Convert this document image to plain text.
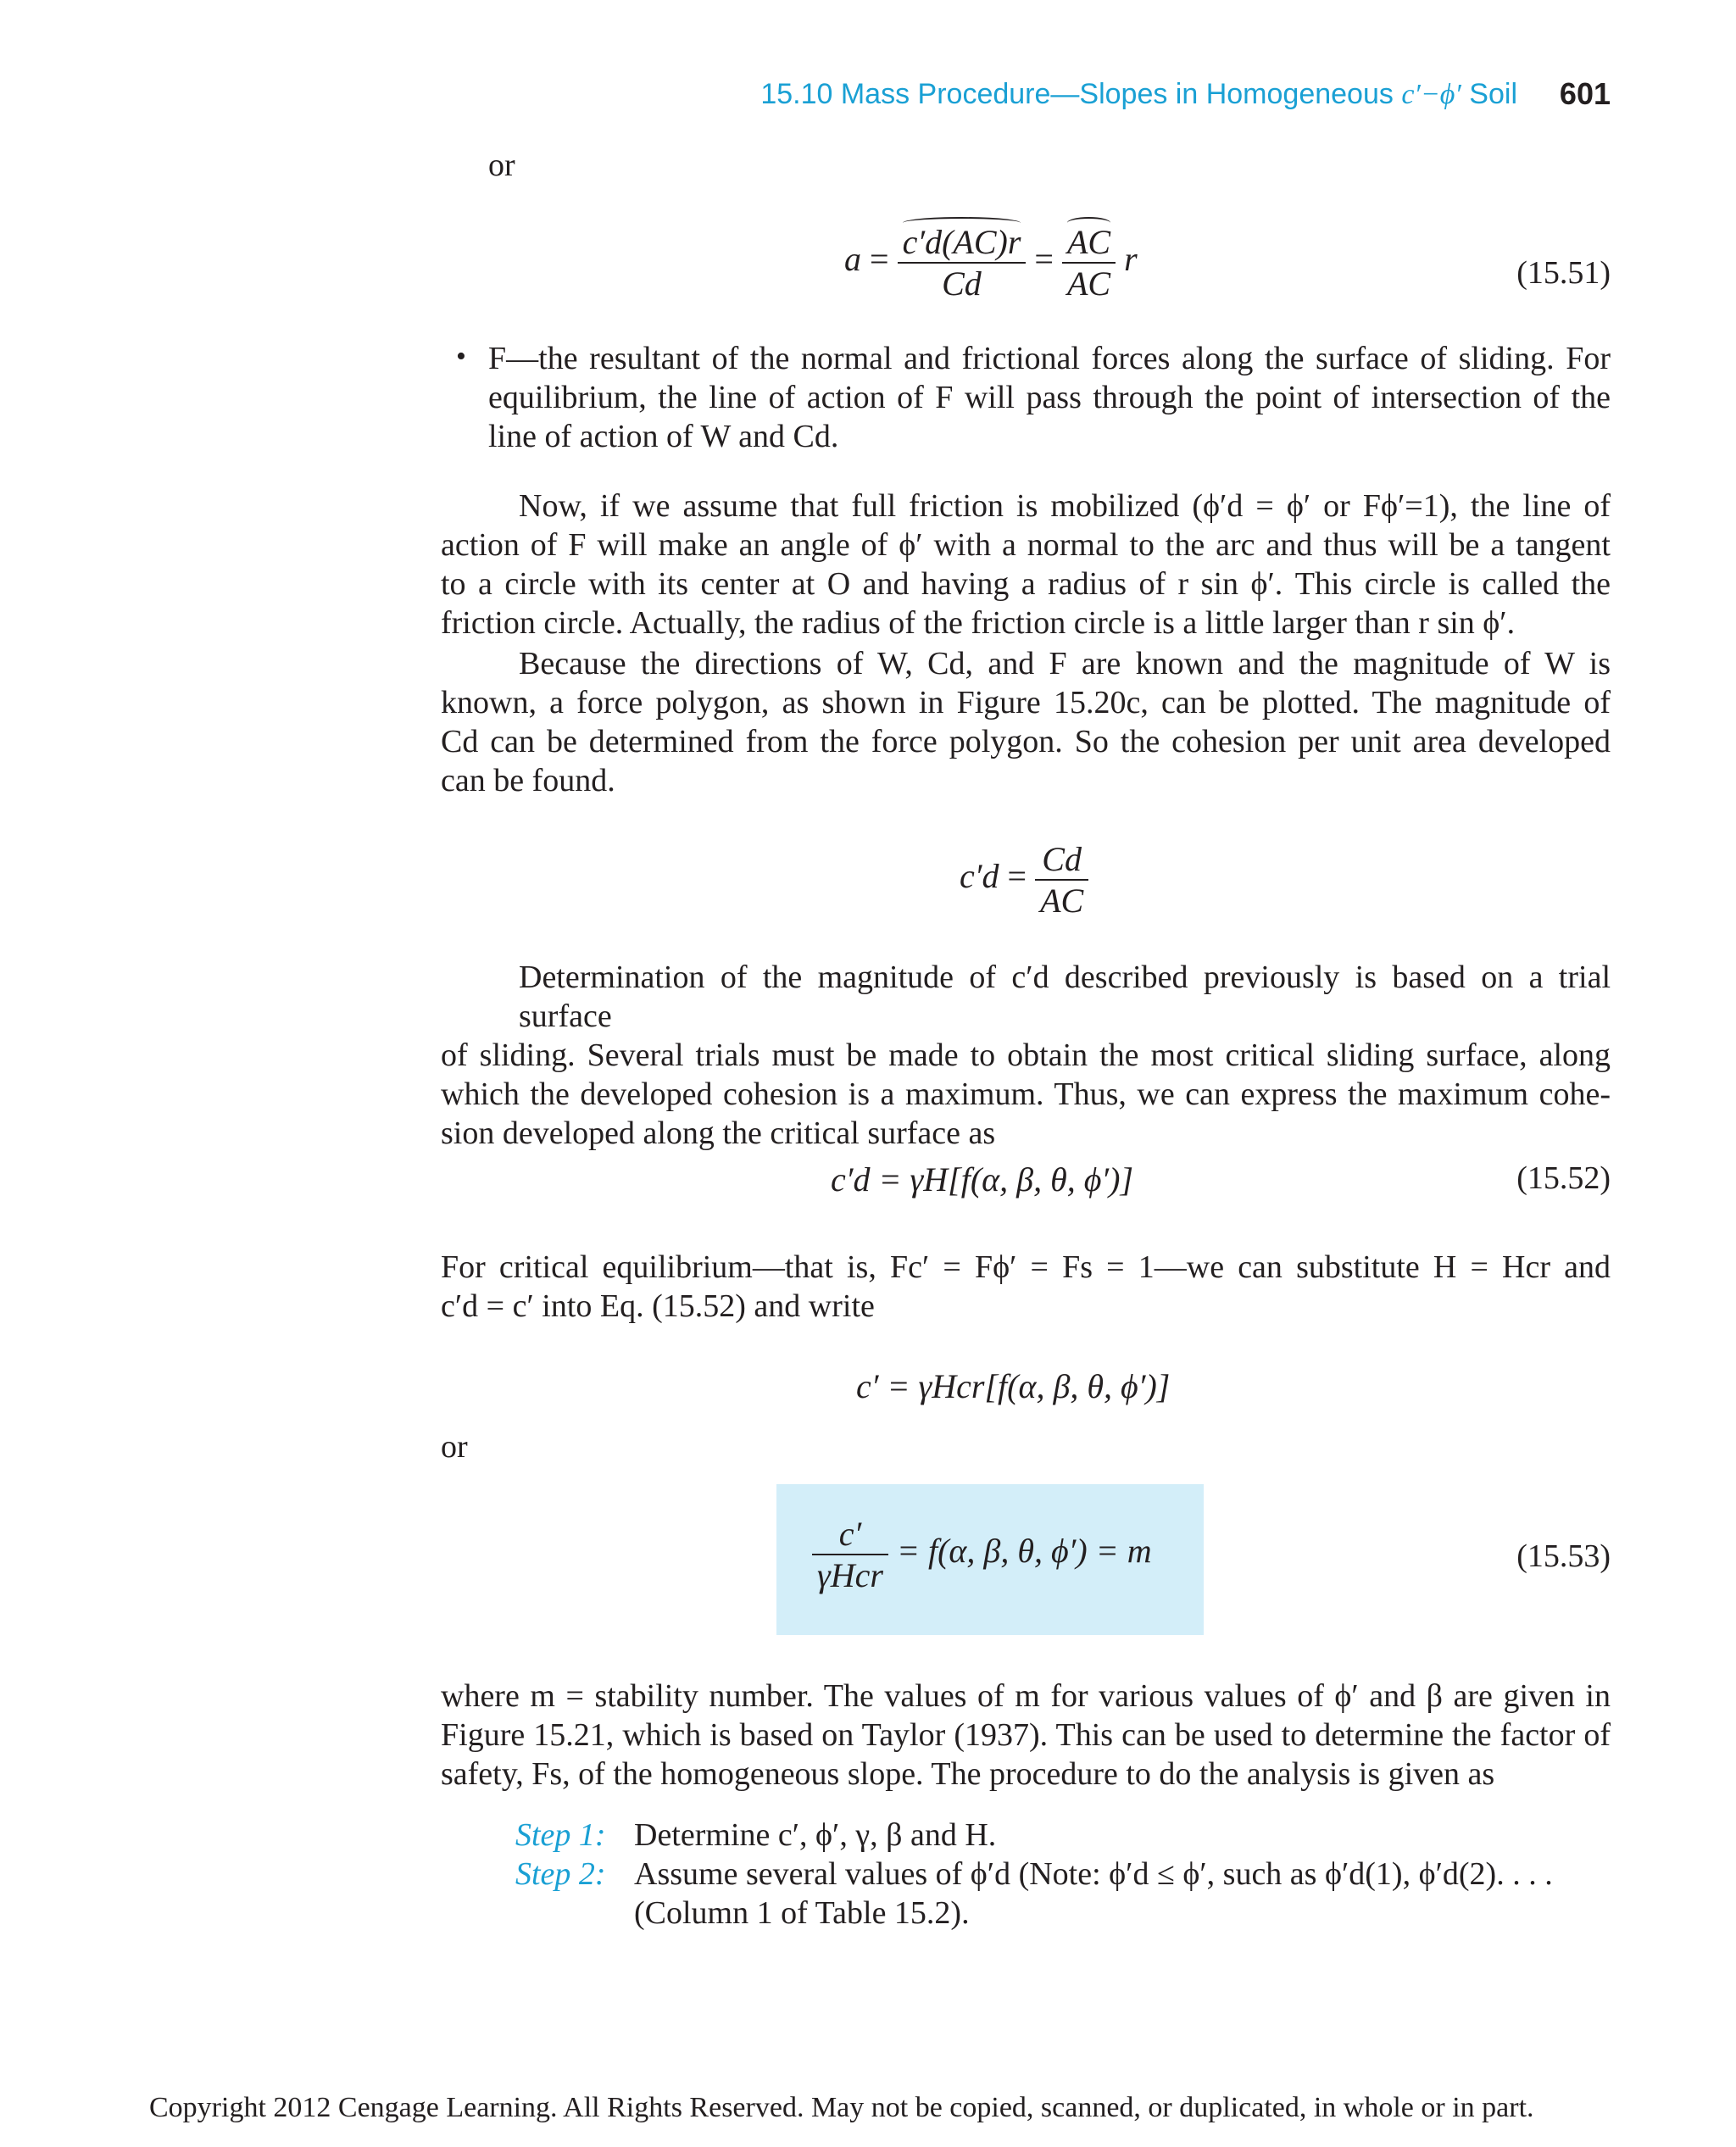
15.10 Mass Procedure—Slopes in Homogeneous c′−ϕ′ Soil 601
or
$a = \frac{c'd(AC)r}{Cd} = \frac{AC}{AC}$ r	(15.51)
• F—the resultant of the normal and frictional forces along the surface of sliding. For
equilibrium, the line of action of F will pass through the point of intersection of the
line of action of W and Cd.
Now, if we assume that full friction is mobilized (ϕ′d = ϕ′ or Fϕ′=1), the line of
action of F will make an angle of ϕ′ with a normal to the arc and thus will be a tangent
to a circle with its center at O and having a radius of r sin ϕ′. This circle is called the
friction circle. Actually, the radius of the friction circle is a little larger than r sin ϕ′.
Because the directions of W, Cd, and F are known and the magnitude of W is
known, a force polygon, as shown in Figure 15.20c, can be plotted. The magnitude of
Cd can be determined from the force polygon. So the cohesion per unit area developed
can be found.
$c'd = \frac{Cd}{AC}$
Determination of the magnitude of c′d described previously is based on a trial surface
of sliding. Several trials must be made to obtain the most critical sliding surface, along
which the developed cohesion is a maximum. Thus, we can express the maximum cohe-
sion developed along the critical surface as
c′d = γH[f(α, β, θ, ϕ′)]	(15.52)
For critical equilibrium—that is, Fc′ = Fϕ′ = Fs = 1—we can substitute H = Hcr and
c′d = c′ into Eq. (15.52) and write
c′ = γHcr[f(α, β, θ, ϕ′)]
or
$\frac{c'}{\text{γHcr}} = f(\alpha$, β, θ, ϕ′) = m	(15.53)
where m = stability number. The values of m for various values of ϕ′ and β are given in
Figure 15.21, which is based on Taylor (1937). This can be used to determine the factor of
safety, Fs, of the homogeneous slope. The procedure to do the analysis is given as
Step 1: Determine c′, ϕ′, γ, β and H.
Step 2: Assume several values of ϕ′d (Note: ϕ′d ≤ ϕ′, such as ϕ′d(1), ϕ′d(2). . . .
(Column 1 of Table 15.2).
Copyright 2012 Cengage Learning. All Rights Reserved. May not be copied, scanned, or duplicated, in whole or in part.
